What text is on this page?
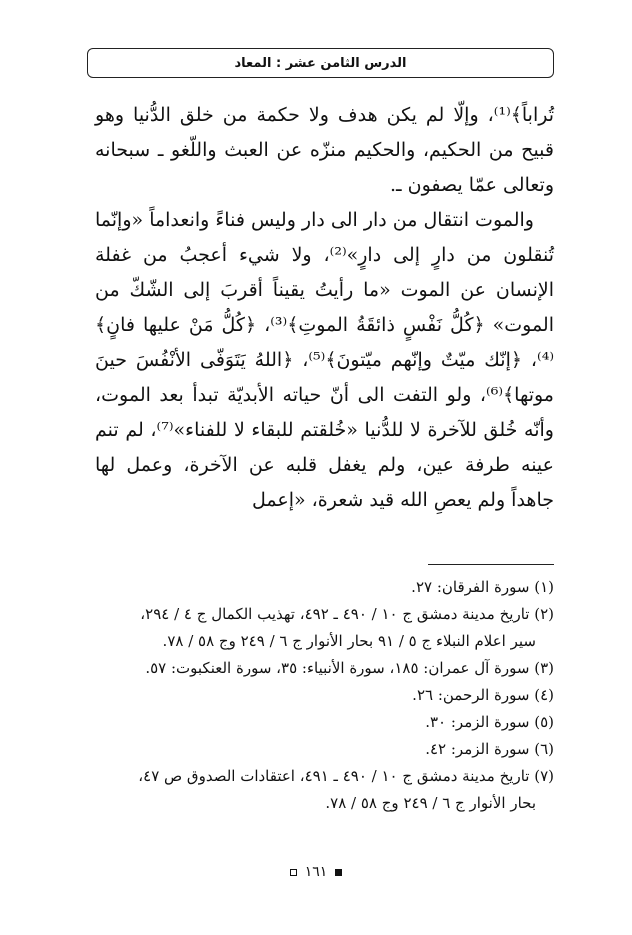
الدرس الثامن عشر : المعاد

تُراباً﴾⁽¹⁾، وإلّا لم يكن هدف ولا حكمة من خلق الدُّنيا وهو قبيح من الحكيم، والحكيم منزّه عن العبث واللّغو ـ سبحانه وتعالى عمّا يصفون ـ.

والموت انتقال من دار الى دار وليس فناءً وانعداماً «وإنّما تُنقلون من دارٍ إلى دارٍ»⁽²⁾، ولا شيء أعجبُ من غفلة الإنسان عن الموت «ما رأيتُ يقيناً أقربَ إلى الشّكّ من الموت» ﴿كُلُّ نَفْسٍ ذائقَةُ الموتِ﴾⁽³⁾، ﴿كُلُّ مَنْ عليها فانٍ﴾⁽⁴⁾، ﴿إنّك ميّتٌ وإنّهم ميّتونَ﴾⁽⁵⁾، ﴿اللهُ يَتَوَفّى الأنْفُسَ حينَ موتها﴾⁽⁶⁾، ولو التفت الى أنّ حياته الأبديّة تبدأ بعد الموت، وأنّه خُلق للآخرة لا للدُّنيا «خُلقتم للبقاء لا للفناء»⁽⁷⁾، لم تنم عينه طرفة عين، ولم يغفل قلبه عن الآخرة، وعمل لها جاهداً ولم يعصِ الله قيد شعرة، «إعمل

(١) سورة الفرقان: ٢٧.
(٢) تاريخ مدينة دمشق ج ١٠ / ٤٩٠ ـ ٤٩٢، تهذيب الكمال ج ٤ / ٢٩٤،
سير اعلام النبلاء ج ٥ / ٩١ بحار الأنوار ج ٦ / ٢٤٩ وج ٥٨ / ٧٨.
(٣) سورة آل عمران: ١٨٥، سورة الأنبياء: ٣٥، سورة العنكبوت: ٥٧.
(٤) سورة الرحمن: ٢٦.
(٥) سورة الزمر: ٣٠.
(٦) سورة الزمر: ٤٢.
(٧) تاريخ مدينة دمشق ج ١٠ / ٤٩٠ ـ ٤٩١، اعتقادات الصدوق ص ٤٧،
بحار الأنوار ج ٦ / ٢٤٩ وج ٥٨ / ٧٨.
١٦١
